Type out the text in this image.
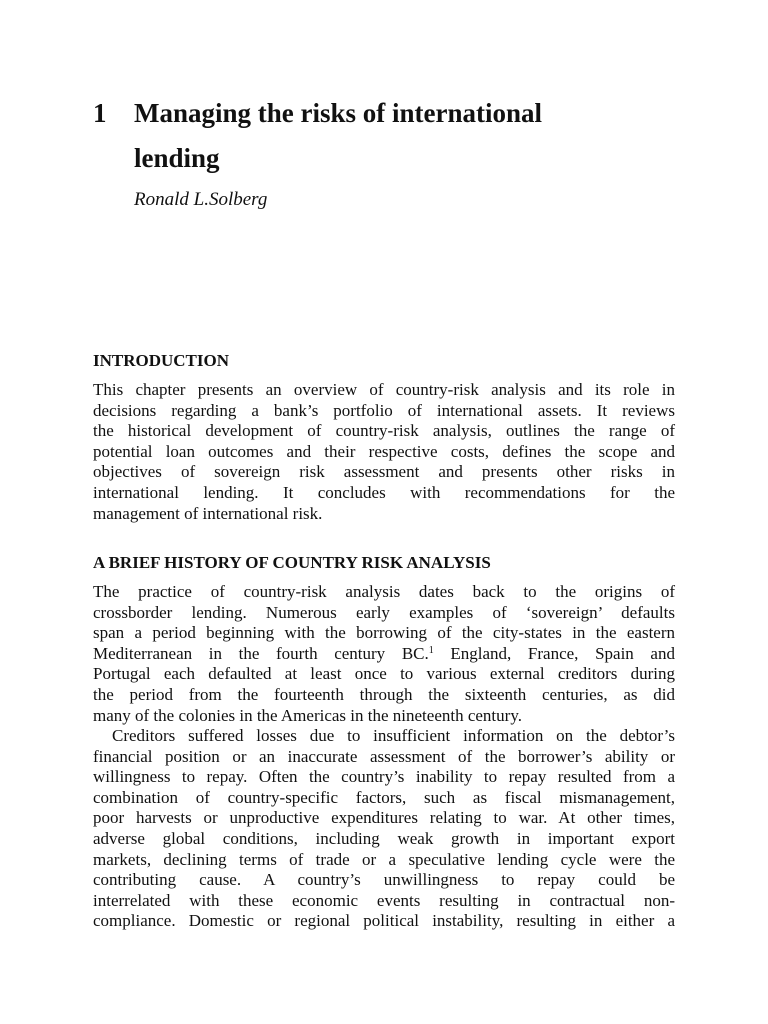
1	Managing the risks of international
lending
Ronald L.Solberg
INTRODUCTION
This chapter presents an overview of country-risk analysis and its role in
decisions regarding a bank’s portfolio of international assets. It reviews
the historical development of country-risk analysis, outlines the range of
potential loan outcomes and their respective costs, defines the scope and
objectives of sovereign risk assessment and presents other risks in
international lending. It concludes with recommendations for the
management of international risk.
A BRIEF HISTORY OF COUNTRY RISK ANALYSIS
The practice of country-risk analysis dates back to the origins of
crossborder lending. Numerous early examples of ‘sovereign’ defaults
span a period beginning with the borrowing of the city-states in the eastern
Mediterranean in the fourth century BC.$^1$ England, France, Spain and
Portugal each defaulted at least once to various external creditors during
the period from the fourteenth through the sixteenth centuries, as did
many of the colonies in the Americas in the nineteenth century.
Creditors suffered losses due to insufficient information on the debtor’s
financial position or an inaccurate assessment of the borrower’s ability or
willingness to repay. Often the country’s inability to repay resulted from a
combination of country-specific factors, such as fiscal mismanagement,
poor harvests or unproductive expenditures relating to war. At other times,
adverse global conditions, including weak growth in important export
markets, declining terms of trade or a speculative lending cycle were the
contributing cause. A country’s unwillingness to repay could be
interrelated with these economic events resulting in contractual non-
compliance. Domestic or regional political instability, resulting in either a
